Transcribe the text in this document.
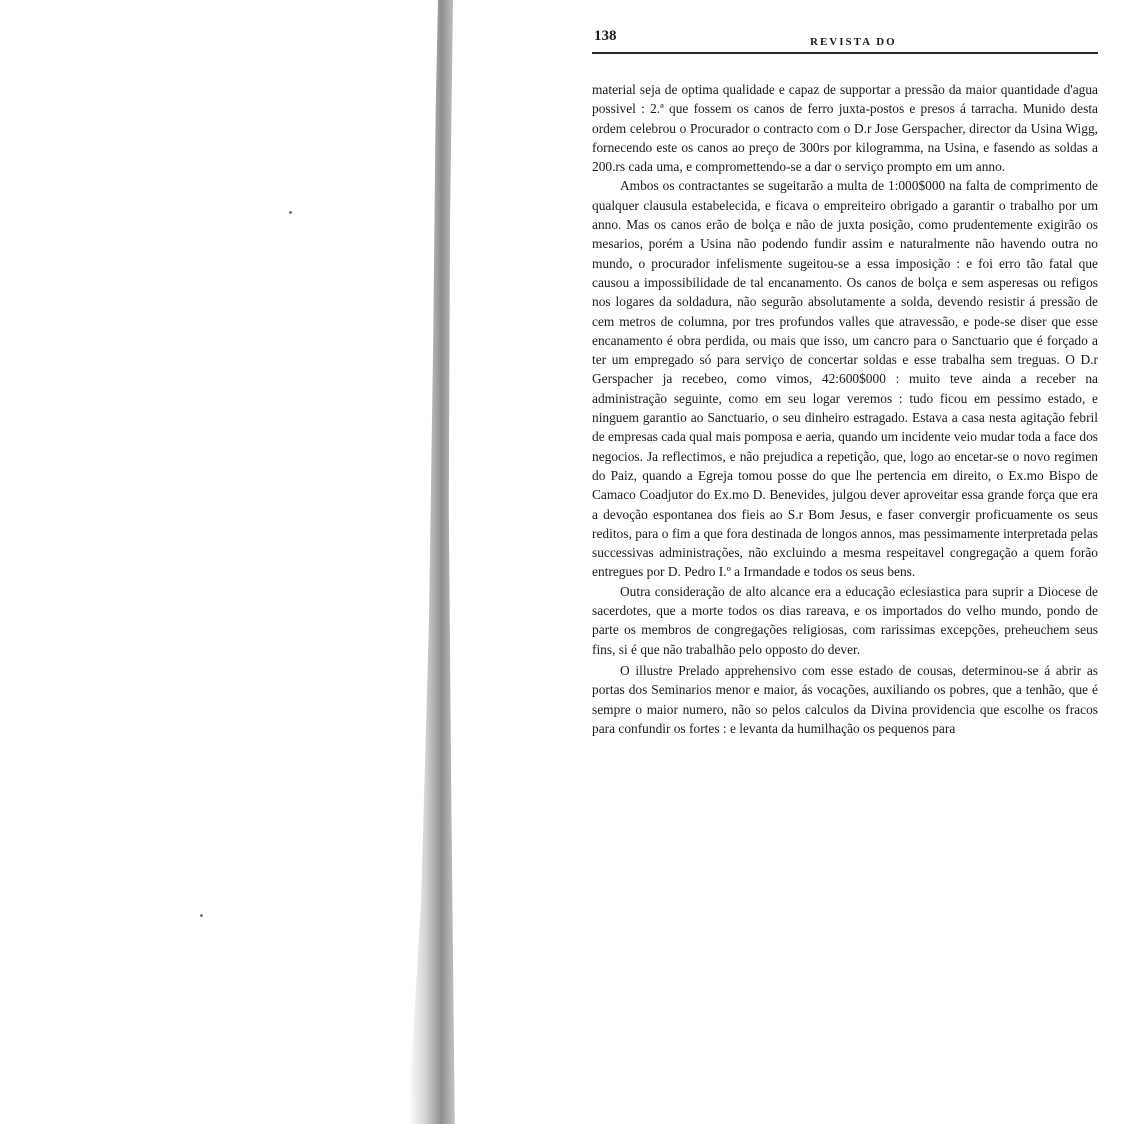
138	REVISTA DO

material seja de optima qualidade e capaz de supportar a pressão da maior quantidade d'agua possivel : 2.ª que fossem os canos de ferro juxta-postos e presos á tarracha. Munido desta ordem celebrou o Procurador o contracto com o D.r Jose Gerspacher, director da Usina Wigg, fornecendo este os canos ao preço de 300rs por kilogramma, na Usina, e fasendo as soldas a 200.rs cada uma, e compromettendo-se a dar o serviço prompto em um anno.

Ambos os contractantes se sugeitarão a multa de 1:000$000 na falta de comprimento de qualquer clausula estabelecida, e ficava o empreiteiro obrigado a garantir o trabalho por um anno. Mas os canos erão de bolça e não de juxta posição, como prudentemente exigirão os mesarios, porém a Usina não podendo fundir assim e naturalmente não havendo outra no mundo, o procurador infelismente sugeitou-se a essa imposição : e foi erro tão fatal que causou a impossibilidade de tal encanamento. Os canos de bolça e sem asperesas ou refigos nos logares da soldadura, não segurão absolutamente a solda, devendo resistir á pressão de cem metros de columna, por tres profundos valles que atravessão, e pode-se diser que esse encanamento é obra perdida, ou mais que isso, um cancro para o Sanctuario que é forçado a ter um empregado só para serviço de concertar soldas e esse trabalha sem treguas. O D.r Gerspacher ja recebeo, como vimos, 42:600$000 : muito teve ainda a receber na administração seguinte, como em seu logar veremos : tudo ficou em pessimo estado, e ninguem garantio ao Sanctuario, o seu dinheiro estragado. Estava a casa nesta agitação febril de empresas cada qual mais pomposa e aeria, quando um incidente veio mudar toda a face dos negocios. Ja reflectimos, e não prejudica a repetição, que, logo ao encetar-se o novo regimen do Paiz, quando a Egreja tomou posse do que lhe pertencia em direito, o Ex.mo Bispo de Camaco Coadjutor do Ex.mo D. Benevides, julgou dever aproveitar essa grande força que era a devoção espontanea dos fieis ao S.r Bom Jesus, e faser convergir proficuamente os seus reditos, para o fim a que fora destinada de longos annos, mas pessimamente interpretada pelas successivas administrações, não excluindo a mesma respeitavel congregação a quem forão entregues por D. Pedro I.º a Irmandade e todos os seus bens.

Outra consideração de alto alcance era a educação eclesiastica para suprir a Diocese de sacerdotes, que a morte todos os dias rareava, e os importados do velho mundo, pondo de parte os membros de congregações religiosas, com rarissimas excepções, preheuchem seus fins, si é que não trabalhão pelo opposto do dever.

O illustre Prelado apprehensivo com esse estado de cousas, determinou-se á abrir as portas dos Seminarios menor e maior, ás vocações, auxiliando os pobres, que a tenhão, que é sempre o maior numero, não so pelos calculos da Divina providencia que escolhe os fracos para confundir os fortes : e levanta da humilhação os pequenos para
